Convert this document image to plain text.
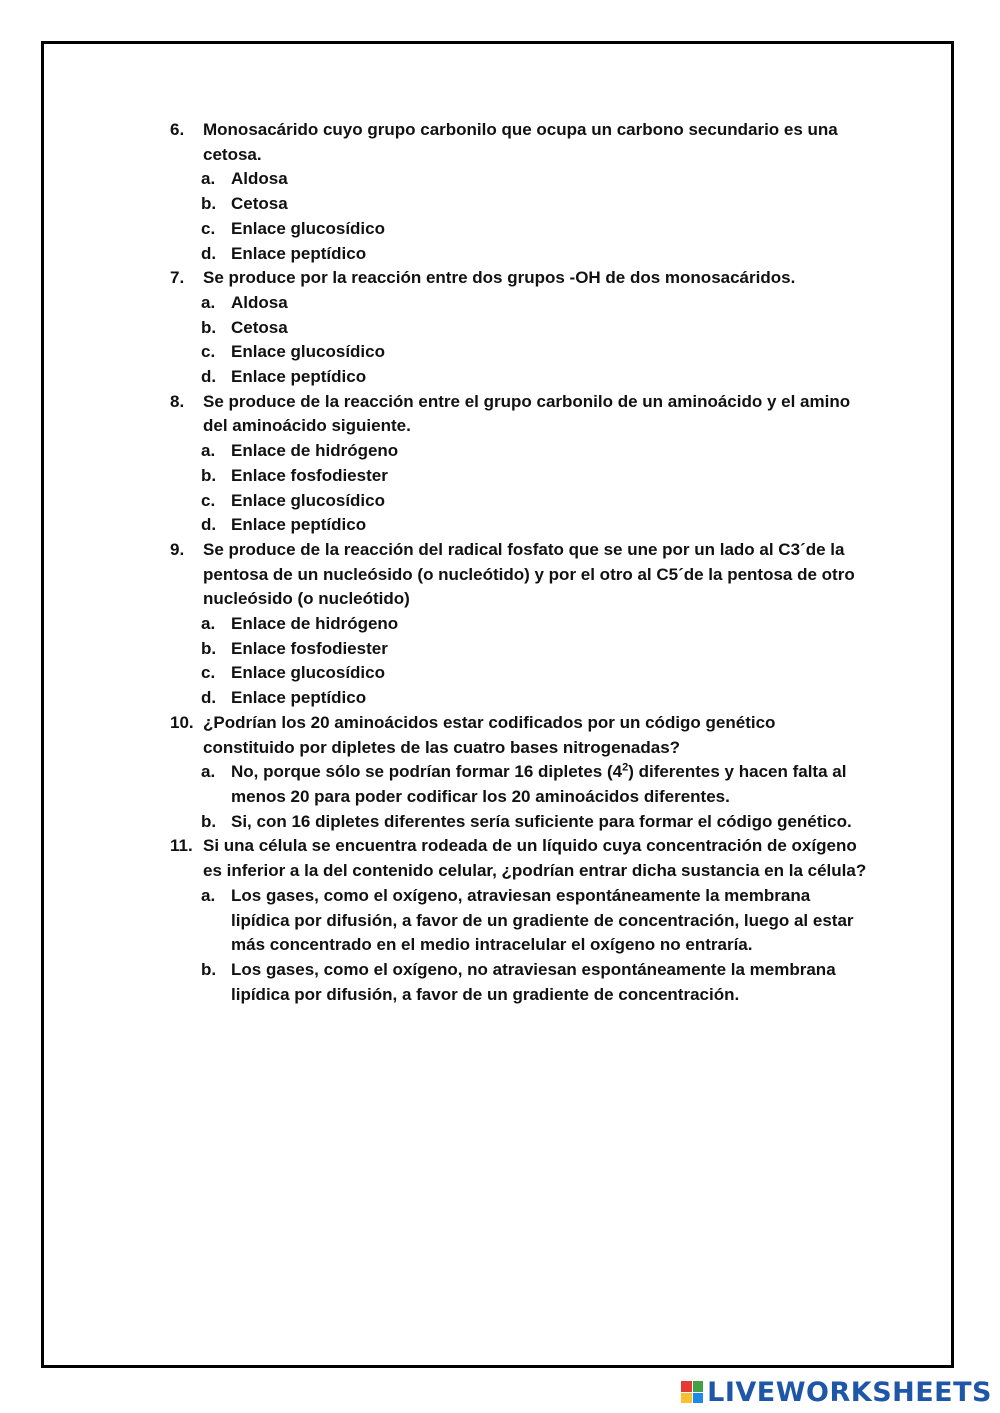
6.	Monosacárido cuyo grupo carbonilo que ocupa un carbono secundario es una cetosa.
a. Aldosa
b. Cetosa
c. Enlace glucosídico
d. Enlace peptídico
7.	Se produce por la reacción entre dos grupos -OH de dos monosacáridos.
a. Aldosa
b. Cetosa
c. Enlace glucosídico
d. Enlace peptídico
8.	Se produce de la reacción entre el grupo carbonilo de un aminoácido y el amino del aminoácido siguiente.
a. Enlace de hidrógeno
b. Enlace fosfodiester
c. Enlace glucosídico
d. Enlace peptídico
9.	Se produce de la reacción del radical fosfato que se une por un lado al C3´de la pentosa de un nucleósido (o nucleótido) y por el otro al C5´de la pentosa de otro nucleósido (o nucleótido)
a. Enlace de hidrógeno
b. Enlace fosfodiester
c. Enlace glucosídico
d. Enlace peptídico
10. ¿Podrían los 20 aminoácidos estar codificados por un código genético constituido por dipletes de las cuatro bases nitrogenadas?
a. No, porque sólo se podrían formar 16 dipletes $(4^2)$ diferentes y hacen falta al menos 20 para poder codificar los 20 aminoácidos diferentes.
b. Si, con 16 dipletes diferentes sería suficiente para formar el código genético.
11. Si una célula se encuentra rodeada de un líquido cuya concentración de oxígeno es inferior a la del contenido celular, ¿podrían entrar dicha sustancia en la célula?
a. Los gases, como el oxígeno, atraviesan espontáneamente la membrana lipídica por difusión, a favor de un gradiente de concentración, luego al estar más concentrado en el medio intracelular el oxígeno no entraría.
b. Los gases, como el oxígeno, no atraviesan espontáneamente la membrana lipídica por difusión, a favor de un gradiente de concentración.
LIVEWORKSHEETS
